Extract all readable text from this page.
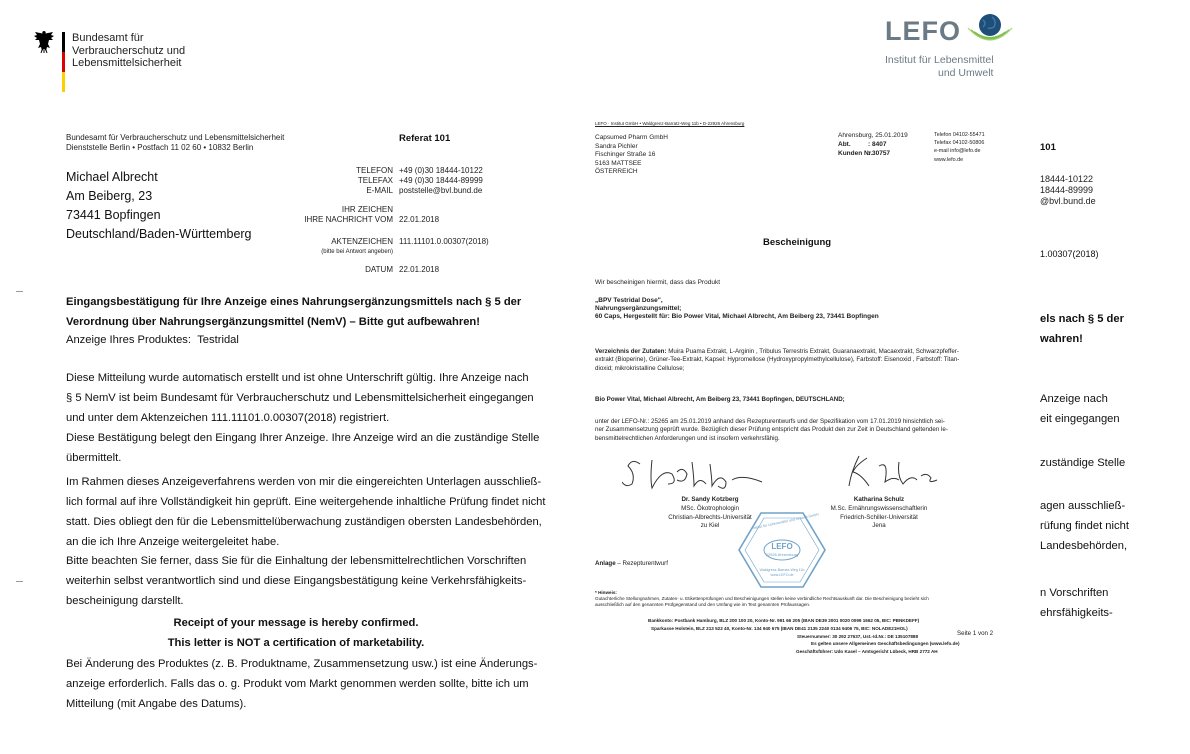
Bundesamt für
Verbraucherschutz und
Lebensmittelsicherheit
Bundesamt für Verbraucherschutz und Lebensmittelsicherheit
Dienststelle Berlin • Postfach 11 02 60 • 10832 Berlin
Referat 101
Michael Albrecht
Am Beiberg, 23
73441 Bopfingen
Deutschland/Baden-Württemberg
TELEFON
TELEFAX
E-MAIL
+49 (0)30 18444-10122
+49 (0)30 18444-89999
poststelle@bvl.bund.de
IHR ZEICHEN
IHRE NACHRICHT VOM 22.01.2018
AKTENZEICHEN
(bitte bei Antwort angeben)
111.11101.0.00307(2018)
DATUM 22.01.2018
Eingangsbestätigung für Ihre Anzeige eines Nahrungsergänzungsmittels nach § 5 der
Verordnung über Nahrungsergänzungsmittel (NemV) – Bitte gut aufbewahren!
Anzeige Ihres Produktes: Testridal
Diese Mitteilung wurde automatisch erstellt und ist ohne Unterschrift gültig. Ihre Anzeige nach
§ 5 NemV ist beim Bundesamt für Verbraucherschutz und Lebensmittelsicherheit eingegangen
und unter dem Aktenzeichen 111.11101.0.00307(2018) registriert.
Diese Bestätigung belegt den Eingang Ihrer Anzeige. Ihre Anzeige wird an die zuständige Stelle
übermittelt.
Im Rahmen dieses Anzeigeverfahrens werden von mir die eingereichten Unterlagen ausschließ-
lich formal auf ihre Vollständigkeit hin geprüft. Eine weitergehende inhaltliche Prüfung findet nicht
statt. Dies obliegt den für die Lebensmittelüberwachung zuständigen obersten Landesbehörden,
an die ich Ihre Anzeige weitergeleitet habe.
Bitte beachten Sie ferner, dass Sie für die Einhaltung der lebensmittelrechtlichen Vorschriften
weiterhin selbst verantwortlich sind und diese Eingangsbestätigung keine Verkehrsfähigkeits-
bescheinigung darstellt.
Receipt of your message is hereby confirmed.
This letter is NOT a certification of marketability.
Bei Änderung des Produktes (z. B. Produktname, Zusammensetzung usw.) ist eine Änderungs-
anzeige erforderlich. Falls das o. g. Produkt vom Markt genommen werden sollte, bitte ich um
Mitteilung (mit Angabe des Datums).
101
18444-10122
18444-89999
@bvl.bund.de
1.00307(2018)
els nach § 5 der
wahren!
Anzeige nach
eit eingegangen
zuständige Stelle
agen ausschließ-
rüfung findet nicht
Landesbehörden,
n Vorschriften
ehrsfähigkeits-
LEFO
Institut für Lebensmittel
und Umwelt
LEFO · Institut GmbH • Waldgrenz-Barratz-Weg 11b • D-22926 Ahrensburg
Capsumed Pharm GmbH
Sandra Pichler
Fischinger Straße 16
5163 MATTSEE
ÖSTERREICH
Ahrensburg, 25.01.2019
Abt.	: 8407
Kunden Nr.: 30757
Telefon 04102-55471
Telefax 04102-50806
e-mail info@lefo.de
www.lefo.de
Bescheinigung
Wir bescheinigen hiermit, dass das Produkt
„BPV Testridal Dose",
Nahrungsergänzungsmittel;
60 Caps, Hergestellt für: Bio Power Vital, Michael Albrecht, Am Beiberg 23, 73441 Bopfingen
Verzeichnis der Zutaten: Muira Puama Extrakt, L-Arginin , Tribulus Terrestris Extrakt, Guaranaextrakt, Macaextrakt, Schwarzpfeffer-
extrakt (Bioperine), Grüner-Tee-Extrakt, Kapsel: Hypromellose (Hydroxypropylmethylcellulose), Farbstoff: Eisenoxid , Farbstoff: Titan-
dioxid; mikrokristalline Cellulose;
Bio Power Vital, Michael Albrecht, Am Beiberg 23, 73441 Bopfingen, DEUTSCHLAND;
unter der LEFO-Nr.: 25265 am 25.01.2019 anhand des Rezepturentwurfs und der Spezifikation vom 17.01.2019 hinsichtlich sei-
ner Zusammensetzung geprüft wurde. Bezüglich dieser Prüfung entspricht das Produkt den zur Zeit in Deutschland geltenden le-
bensmittelrechtlichen Anforderungen und ist insofern verkehrsfähig.
Dr. Sandy Kotzberg
MSc. Ökotrophologin
Christian-Albrechts-Universität
zu Kiel
Katharina Schulz
M.Sc. Ernährungswissenschaftlerin
Friedrich-Schiller-Universität
Jena
Institut für Lebensmittel und Umwelt GmbH
LEFO
22926 Ahrensburg
Waldgrenz-Barratz-Weg 11b
www.LEFO.de
Anlage – Rezepturentwurf
* Hinweis:
Gutachterliche Stellungnahmen, Zutaten- u. Etikettenprüfungen und Bescheinigungen stellen keine verbindliche Rechtsauskunft dar. Die Bescheinigung bezieht sich
ausschließlich auf den genannten Prüfgegenstand und den Umfang wie im Text genannten Prüfaussagen.
Bankkonto: Postbank Hamburg, BLZ 200 100 20, Konto-Nr. 991 66 205 (IBAN DE39 2001 0020 0099 1662 05, BIC: PBNKDEFF)
Sparkasse Holstein, BLZ 213 522 40, Konto-Nr. 134 940 675 (IBAN DE41 2135 2240 0134 9406 75, BIC: NOLADE21HOL)
Steuernummer: 30 292 27637, Ust.-Id.Nr.: DE 135107888
Es gelten unsere Allgemeinen Geschäftsbedingungen (www.lefo.de)
Geschäftsführer: Udo Kasel – Amtsgericht Lübeck, HRB 2772 AH
Seite 1 von 2
